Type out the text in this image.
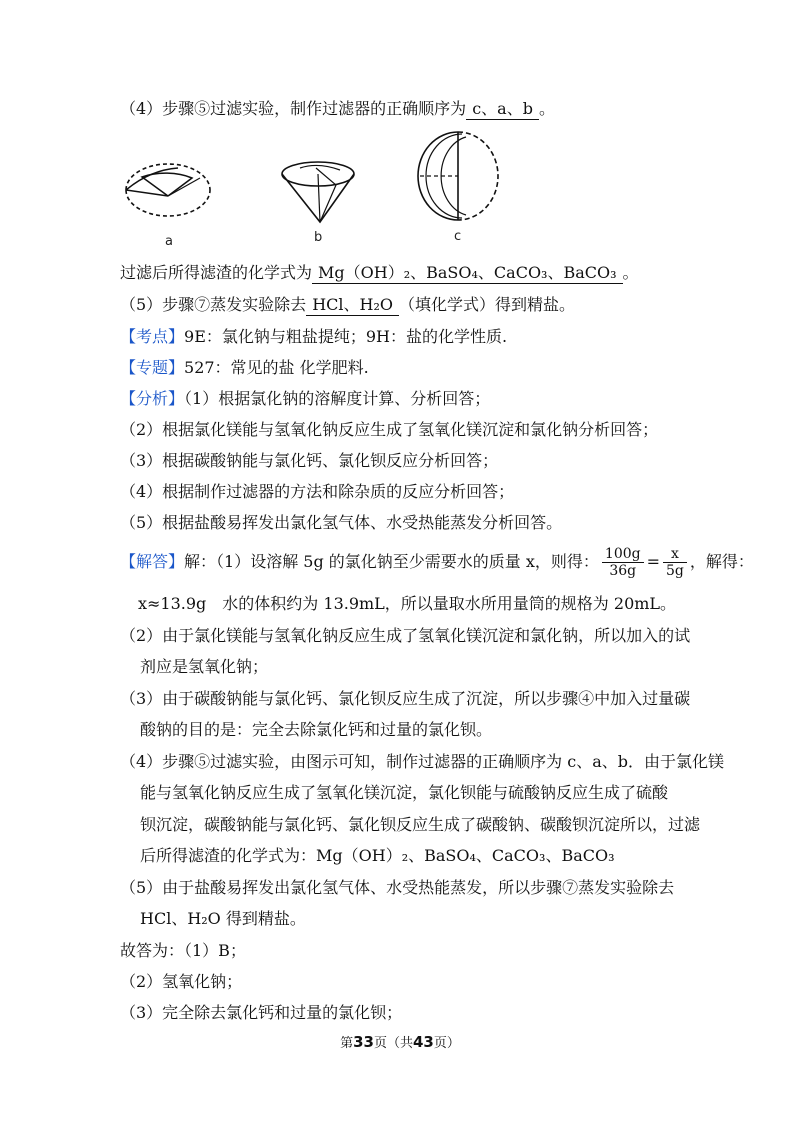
（4）步骤⑤过滤实验，制作过滤器的正确顺序为 c、a、b 。
a	b	c
过滤后所得滤渣的化学式为 Mg（OH）₂、BaSO₄、CaCO₃、BaCO₃ 。
（5）步骤⑦蒸发实验除去 HCl、H₂O （填化学式）得到精盐。
【考点】9E：氯化钠与粗盐提纯；9H：盐的化学性质.
【专题】527：常见的盐 化学肥料.
【分析】（1）根据氯化钠的溶解度计算、分析回答；
（2）根据氯化镁能与氢氧化钠反应生成了氢氧化镁沉淀和氯化钠分析回答；
（3）根据碳酸钠能与氯化钙、氯化钡反应分析回答；
（4）根据制作过滤器的方法和除杂质的反应分析回答；
（5）根据盐酸易挥发出氯化氢气体、水受热能蒸发分析回答。
【解答】解：（1）设溶解 5g 的氯化钠至少需要水的质量 x，则得： $\frac{100g}{36g} = \frac{x}{5g}$ ，解得：
x≈13.9g　水的体积约为 13.9mL，所以量取水所用量筒的规格为 20mL。
（2）由于氯化镁能与氢氧化钠反应生成了氢氧化镁沉淀和氯化钠，所以加入的试
剂应是氢氧化钠；
（3）由于碳酸钠能与氯化钙、氯化钡反应生成了沉淀，所以步骤④中加入过量碳
酸钠的目的是：完全去除氯化钙和过量的氯化钡。
（4）步骤⑤过滤实验，由图示可知，制作过滤器的正确顺序为 c、a、b．由于氯化镁
能与氢氧化钠反应生成了氢氧化镁沉淀，氯化钡能与硫酸钠反应生成了硫酸
钡沉淀，碳酸钠能与氯化钙、氯化钡反应生成了碳酸钠、碳酸钡沉淀所以，过滤
后所得滤渣的化学式为：Mg（OH）₂、BaSO₄、CaCO₃、BaCO₃
（5）由于盐酸易挥发出氯化氢气体、水受热能蒸发，所以步骤⑦蒸发实验除去
HCl、H₂O 得到精盐。
故答为：（1）B；
（2）氢氧化钠；
（3）完全除去氯化钙和过量的氯化钡；
第33页（共43页）
